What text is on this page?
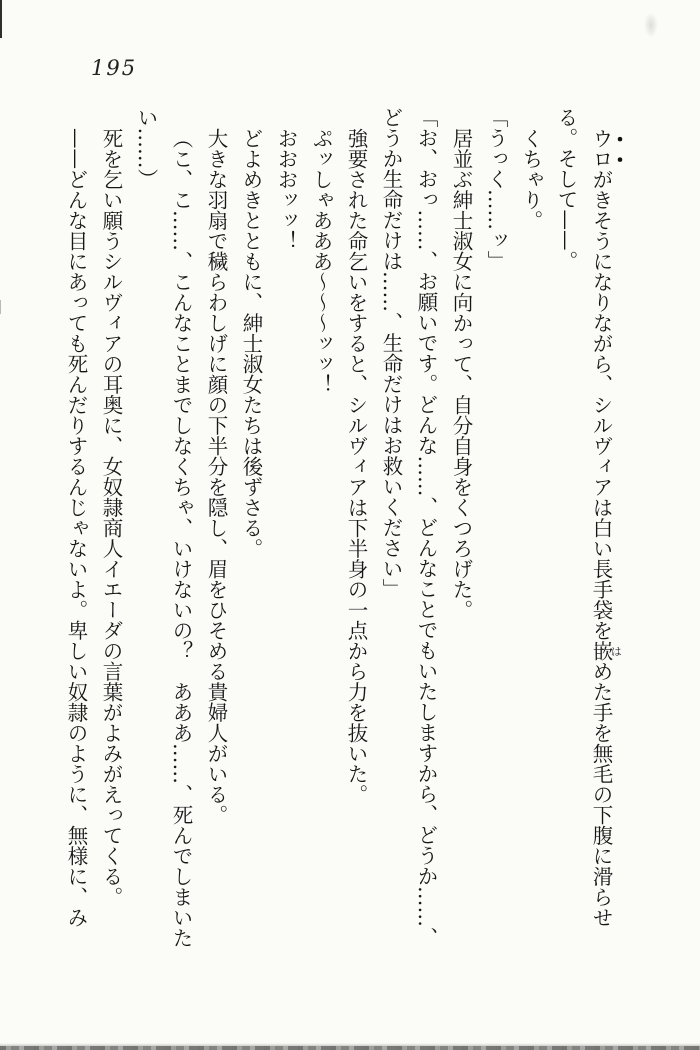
195

ウロがきそうになりながら、シルヴィアは白い長手袋を嵌めた手を無毛の下腹に滑らせ

る。そして——。

くちゃり。

「うっく……ッ」

居並ぶ紳士淑女に向かって、自分自身をくつろげた。

「お、おっ……、お願いです。どんな……、どんなことでもいたしますから、どうか……、

どうか生命だけは……、生命だけはお救いください」

強要された命乞いをすると、シルヴィアは下半身の一点から力を抜いた。

ぷッしゃあああ〜〜〜ッッ！

おおおッッ！

どよめきとともに、紳士淑女たちは後ずさる。

大きな羽扇で穢らわしげに顔の下半分を隠し、眉をひそめる貴婦人がいる。

（こ、こ……、こんなことまでしなくちゃ、いけないの？　あああ……、死んでしまいた

い……）

死を乞い願うシルヴィアの耳奥に、女奴隷商人イエーダの言葉がよみがえってくる。

——どんな目にあっても死んだりするんじゃないよ。卑しい奴隷のように、無様に、み	は
・・
